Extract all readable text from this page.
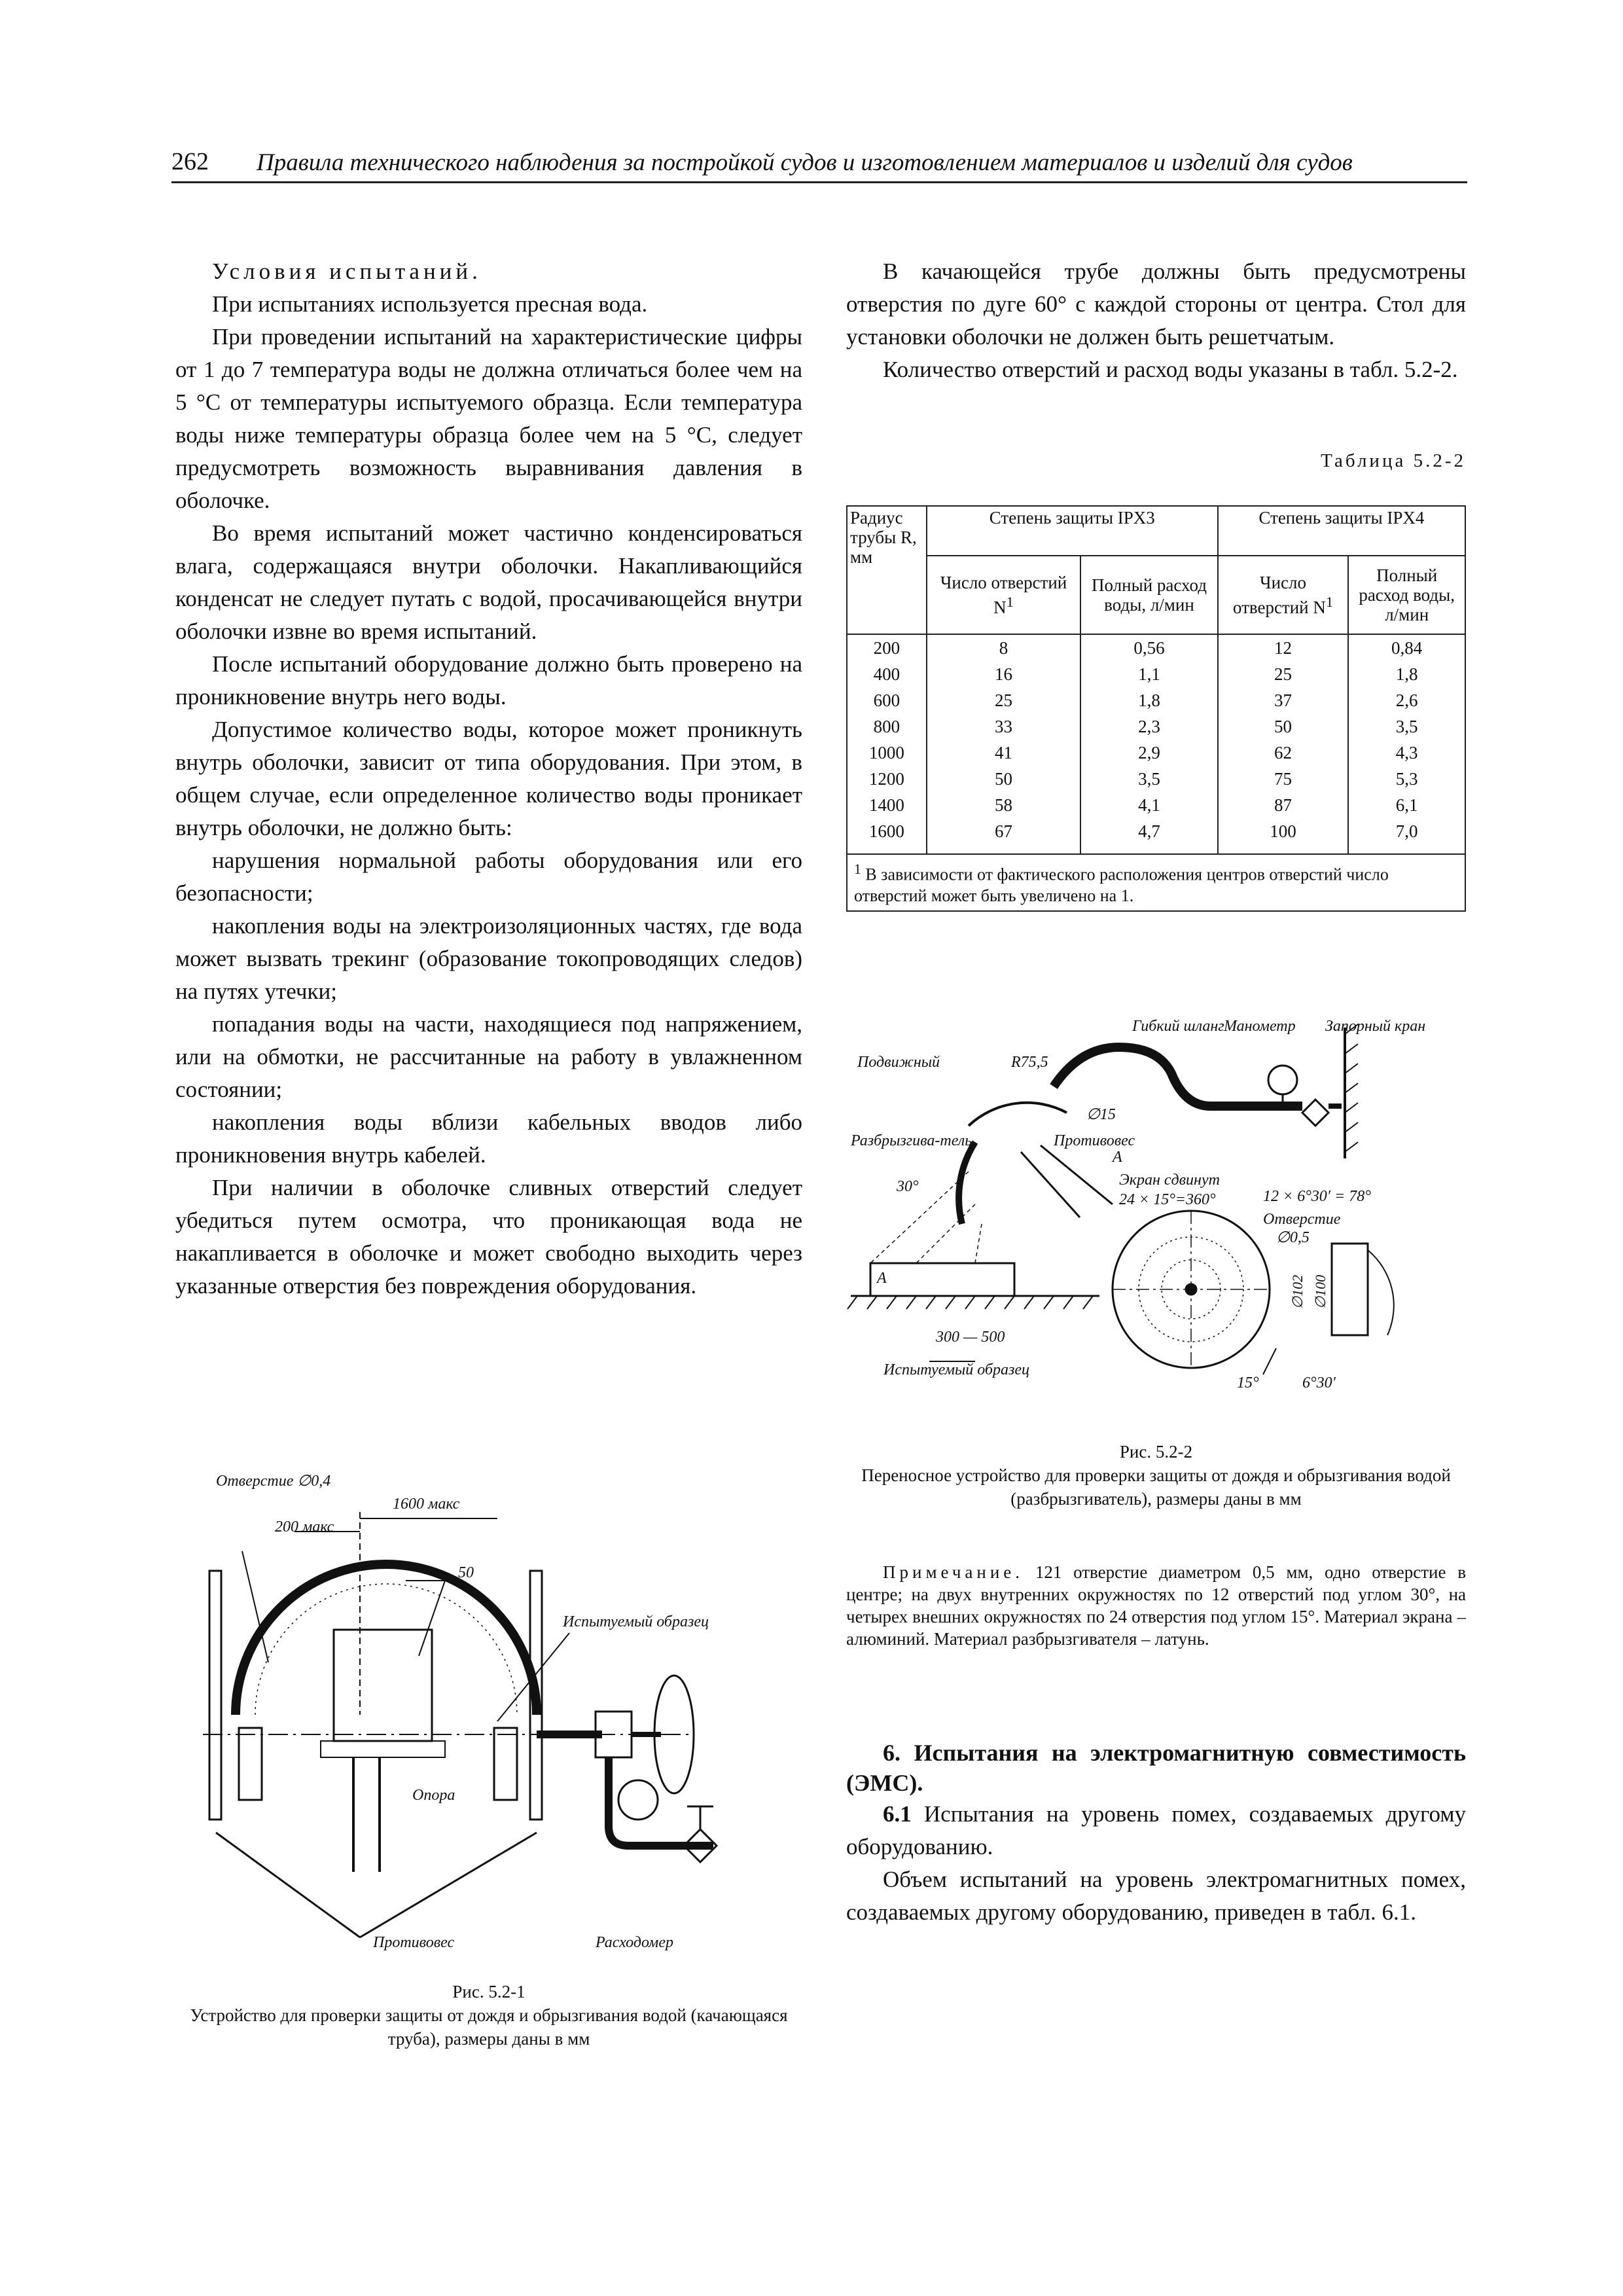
262 Правила технического наблюдения за постройкой судов и изготовлением материалов и изделий для судов

Условия испытаний.

При испытаниях используется пресная вода.

При проведении испытаний на характеристические цифры от 1 до 7 температура воды не должна отличаться более чем на 5 °С от температуры испытуемого образца. Если температура воды ниже температуры образца более чем на 5 °С, следует предусмотреть возможность выравнивания давления в оболочке.

Во время испытаний может частично конденсироваться влага, содержащаяся внутри оболочки. Накапливающийся конденсат не следует путать с водой, просачивающейся внутри оболочки извне во время испытаний.

После испытаний оборудование должно быть проверено на проникновение внутрь него воды.

Допустимое количество воды, которое может проникнуть внутрь оболочки, зависит от типа оборудования. При этом, в общем случае, если определенное количество воды проникает внутрь оболочки, не должно быть:

нарушения нормальной работы оборудования или его безопасности;

накопления воды на электроизоляционных частях, где вода может вызвать трекинг (образование токопроводящих следов) на путях утечки;

попадания воды на части, находящиеся под напряжением, или на обмотки, не рассчитанные на работу в увлажненном состоянии;

накопления воды вблизи кабельных вводов либо проникновения внутрь кабелей.

При наличии в оболочке сливных отверстий следует убедиться путем осмотра, что проникающая вода не накапливается в оболочке и может свободно выходить через указанные отверстия без повреждения оборудования.

В качающейся трубе должны быть предусмотрены отверстия по дуге 60° с каждой стороны от центра. Стол для установки оболочки не должен быть решетчатым.

Количество отверстий и расход воды указаны в табл. 5.2-2.

Таблица 5.2-2
Радиус трубы R, мм	Степень защиты IPX3		Степень защиты IPX4	
	Число отверстий $N^1$	Полный расход воды, л/мин	Число отверстий $N^1$	Полный расход воды, л/мин
200	8	0,56	12	0,84
400	16	1,1	25	1,8
600	25	1,8	37	2,6
800	33	2,3	50	3,5
1000	41	2,9	62	4,3
1200	50	3,5	75	5,3
1400	58	4,1	87	6,1
1600	67	4,7	100	7,0
$^1$ В зависимости от фактического расположения центров отверстий число отверстий может быть увеличено на 1.				
Гибкий шланг Манометр Запорный кран
Подвижный	R75,5
Разбрызгива-тель
∅15
Противовес
А
30°	Экран сдвинут
24 × 15°=360°	12 × 6°30′ = 78°
Отверстие
∅0,5
А
300 — 500
Испытуемый образец
15°	6°30′
∅102 ∅100
Рис. 5.2-2
Переносное устройство для проверки защиты от дождя и обрызгивания водой (разбрызгиватель), размеры даны в мм
Примечание. 121 отверстие диаметром 0,5 мм, одно отверстие в центре; на двух внутренних окружностях по 12 отверстий под углом 30°, на четырех внешних окружностях по 24 отверстия под углом 15°. Материал экрана – алюминий. Материал разбрызгивателя – латунь.

6. Испытания на электромагнитную совместимость (ЭМС).

6.1 Испытания на уровень помех, создаваемых другому оборудованию.

Объем испытаний на уровень электромагнитных помех, создаваемых другому оборудованию, приведен в табл. 6.1.

Отверстие ∅0,4
200 макс
1600 макс
50
Испытуемый образец
Опора
Противовес	Расходомер
Рис. 5.2-1
Устройство для проверки защиты от дождя и обрызгивания водой (качающаяся труба), размеры даны в мм
